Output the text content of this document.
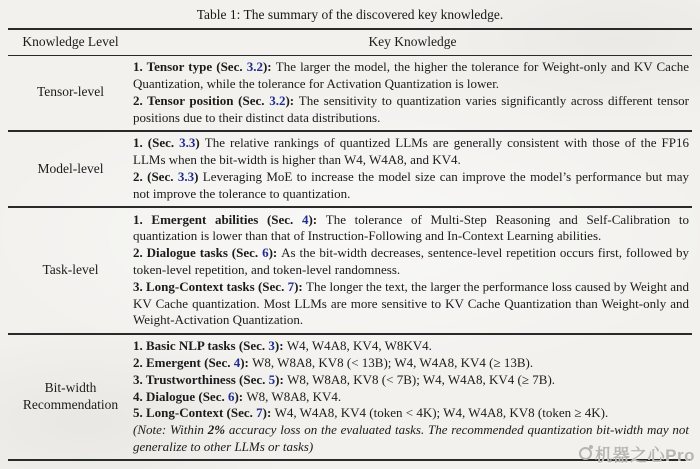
Table 1: The summary of the discovered key knowledge.
Knowledge Level	Key Knowledge
Tensor-level
1. Tensor type (Sec. 3.2): The larger the model, the higher the tolerance for Weight-only and KV Cache Quantization, while the tolerance for Activation Quantization is lower.
2. Tensor position (Sec. 3.2): The sensitivity to quantization varies significantly across different tensor positions due to their distinct data distributions.
Model-level
1. (Sec. 3.3) The relative rankings of quantized LLMs are generally consistent with those of the FP16 LLMs when the bit-width is higher than W4, W4A8, and KV4.
2. (Sec. 3.3) Leveraging MoE to increase the model size can improve the model’s performance but may not improve the tolerance to quantization.
Task-level
1. Emergent abilities (Sec. 4): The tolerance of Multi-Step Reasoning and Self-Calibration to quantization is lower than that of Instruction-Following and In-Context Learning abilities.
2. Dialogue tasks (Sec. 6): As the bit-width decreases, sentence-level repetition occurs first, followed by token-level repetition, and token-level randomness.
3. Long-Context tasks (Sec. 7): The longer the text, the larger the performance loss caused by Weight and KV Cache quantization. Most LLMs are more sensitive to KV Cache Quantization than Weight-only and Weight-Activation Quantization.
Bit-width Recommendation
1. Basic NLP tasks (Sec. 3): W4, W4A8, KV4, W8KV4.
2. Emergent (Sec. 4): W8, W8A8, KV8 (< 13B); W4, W4A8, KV4 (≥ 13B).
3. Trustworthiness (Sec. 5): W8, W8A8, KV8 (< 7B); W4, W4A8, KV4 (≥ 7B).
4. Dialogue (Sec. 6): W8, W8A8, KV4.
5. Long-Context (Sec. 7): W4, W4A8, KV4 (token < 4K); W4, W4A8, KV8 (token ≥ 4K).
(Note: Within 2% accuracy loss on the evaluated tasks. The recommended quantization bit-width may not generalize to other LLMs or tasks)	机器之心Pro
